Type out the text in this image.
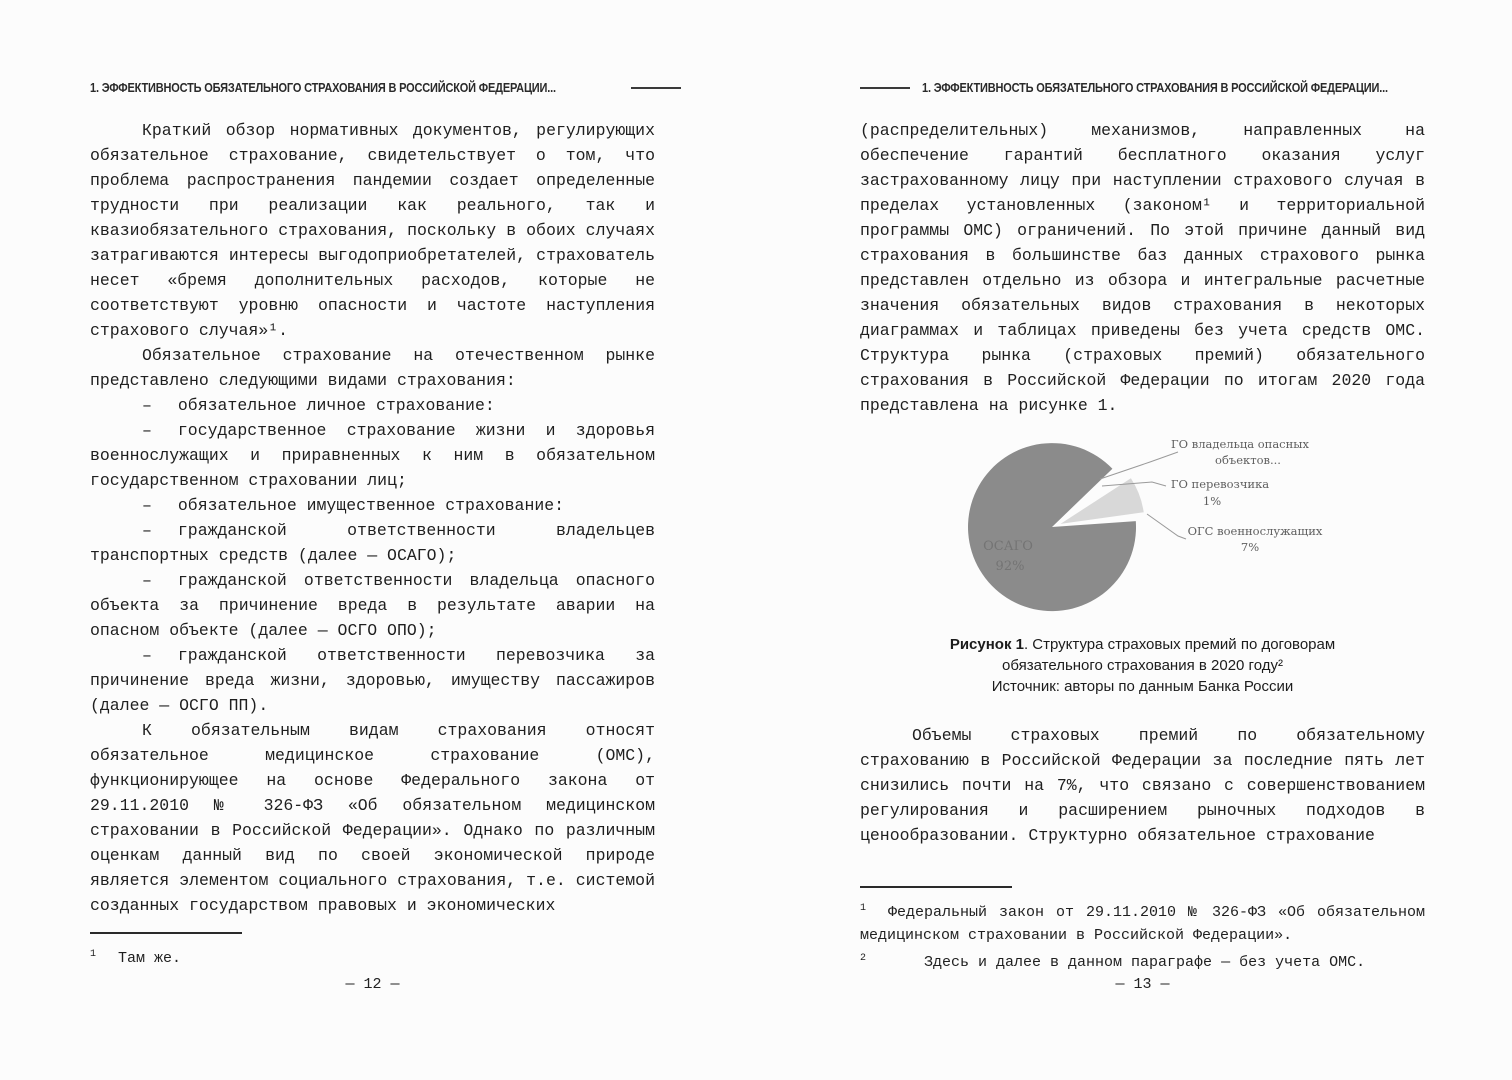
1. ЭФФЕКТИВНОСТЬ ОБЯЗАТЕЛЬНОГО СТРАХОВАНИЯ В РОССИЙСКОЙ ФЕДЕРАЦИИ...

Краткий обзор нормативных документов, регулирующих обязательное страхование, свидетельствует о том, что проблема распространения пандемии создает определенные трудности при реализации как реального, так и квазиобязательного страхования, поскольку в обоих случаях затрагиваются интересы выгодоприобретателей, страхователь несет «бремя дополнительных расходов, которые не соответствуют уровню опасности и частоте наступления страхового случая»¹.

Обязательное страхование на отечественном рынке представлено следующими видами страхования:

– обязательное личное страхование:

– государственное страхование жизни и здоровья военнослужащих и приравненных к ним в обязательном государственном страховании лиц;

– обязательное имущественное страхование:

– гражданской ответственности владельцев транспортных средств (далее — ОСАГО);

– гражданской ответственности владельца опасного объекта за причинение вреда в результате аварии на опасном объекте (далее — ОСГО ОПО);

– гражданской ответственности перевозчика за причинение вреда жизни, здоровью, имуществу пассажиров (далее — ОСГО ПП).

К обязательным видам страхования относят обязательное медицинское страхование (ОМС), функционирующее на основе Федерального закона от 29.11.2010 № 326-ФЗ «Об обязательном медицинском страховании в Российской Федерации». Однако по различным оценкам данный вид по своей экономической природе является элементом социального страхования, т.е. системой созданных государством правовых и экономических

$^1$ Там же.

— 12 —
1. ЭФФЕКТИВНОСТЬ ОБЯЗАТЕЛЬНОГО СТРАХОВАНИЯ В РОССИЙСКОЙ ФЕДЕРАЦИИ...

(распределительных) механизмов, направленных на обеспечение гарантий бесплатного оказания услуг застрахованному лицу при наступлении страхового случая в пределах установленных (законом¹ и территориальной программы ОМС) ограничений. По этой причине данный вид страхования в большинстве баз данных страхового рынка представлен отдельно из обзора и интегральные расчетные значения обязательных видов страхования в некоторых диаграммах и таблицах приведены без учета средств ОМС. Структура рынка (страховых премий) обязательного страхования в Российской Федерации по итогам 2020 года представлена на рисунке 1.

ОСАГО
92%
ГО владельца опасных
объектов...
ГО перевозчика
1%
ОГС военнослужащих
7%

Рисунок 1. Структура страховых премий по договорам обязательного страхования в 2020 году²

Источник: авторы по данным Банка России

Объемы страховых премий по обязательному страхованию в Российской Федерации за последние пять лет снизились почти на 7%, что связано с совершенствованием регулирования и расширением рыночных подходов в ценообразовании. Структурно обязательное страхование

$^1$ Федеральный закон от 29.11.2010 № 326-ФЗ «Об обязательном медицинском страховании в Российской Федерации».

$^2$	Здесь и далее в данном параграфе — без учета ОМС.

— 13 —
